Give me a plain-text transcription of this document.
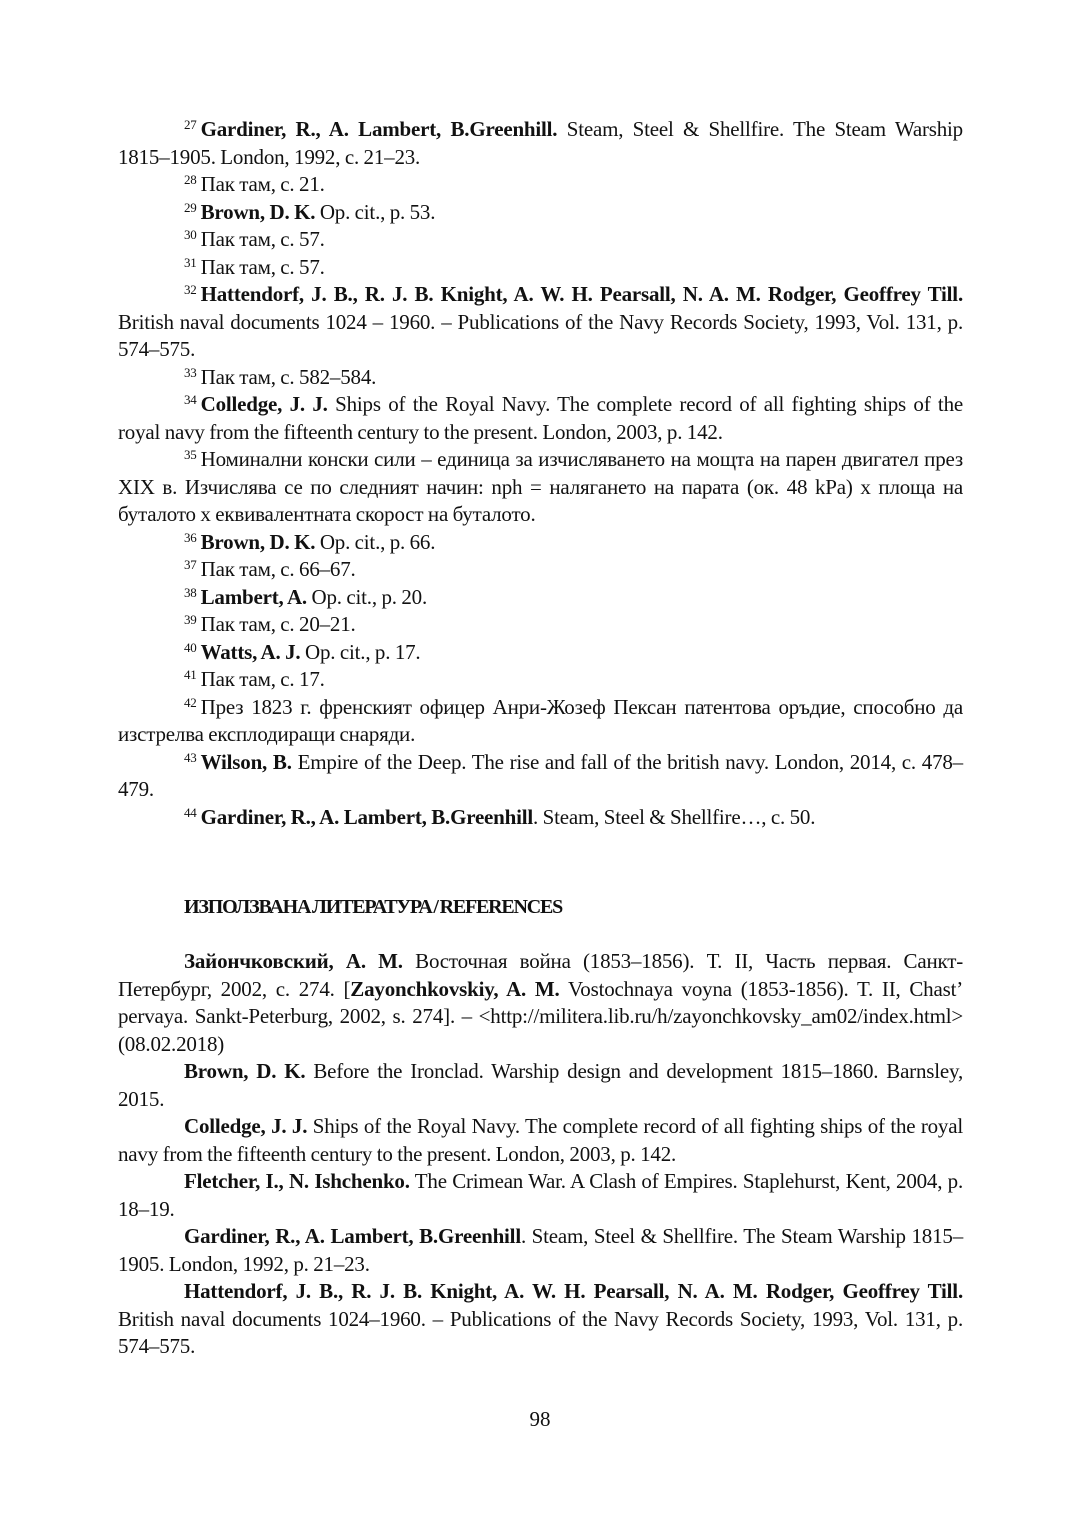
$^{27}$ Gardiner, R., A. Lambert, B.Greenhill. Steam, Steel & Shellfire. The Steam Warship 1815–1905. London, 1992, с. 21–23.

$^{28}$ Пак там, с. 21.

$^{29}$ Brown, D. K. Op. cit., p. 53.

$^{30}$ Пак там, с. 57.

$^{31}$ Пак там, с. 57.

$^{32}$ Hattendorf, J. B., R. J. B. Knight, A. W. H. Pearsall, N. A. M. Rodger, Geoffrey Till. British naval documents 1024 – 1960. – Publications of the Navy Records Society, 1993, Vol. 131, p. 574–575.

$^{33}$ Пак там, с. 582–584.

$^{34}$ Colledge, J. J. Ships of the Royal Navy. The complete record of all fighting ships of the royal navy from the fifteenth century to the present. London, 2003, p. 142.

$^{35}$ Номинални конски сили – единица за изчисляването на мощта на парен двигател през XIX в. Изчислява се по следният начин: nph = налягането на парата (ок. 48 kPa) x площа на буталото x еквивалентната скорост на буталото.

$^{36}$ Brown, D. K. Op. cit., p. 66.

$^{37}$ Пак там, с. 66–67.

$^{38}$ Lambert, A. Op. cit., p. 20.

$^{39}$ Пак там, с. 20–21.

$^{40}$ Watts, A. J. Op. cit., p. 17.

$^{41}$ Пак там, с. 17.

$^{42}$ През 1823 г. френският офицер Анри-Жозеф Пексан патентова оръдие, способно да изстрелва експлодиращи снаряди.

$^{43}$ Wilson, B. Empire of the Deep. The rise and fall of the british navy. London, 2014, с. 478–479.

$^{44}$ Gardiner, R., A. Lambert, B.Greenhill. Steam, Steel & Shellfire…, с. 50.

ИЗПОЛЗВАНА ЛИТЕРАТУРА / REFERENCES

Зайончковский, А. М. Восточная война (1853–1856). Т. II, Часть первая. Санкт-Петербург, 2002, с. 274. [Zayonchkovskiy, A. M. Vostochnaya voyna (1853-1856). T. II, Chast’ pervaya. Sankt-Peterburg, 2002, s. 274]. – <http://militera.lib.ru/h/zayonchkovsky_am02/index.html> (08.02.2018)

Brown, D. K. Before the Ironclad. Warship design and development 1815–1860. Barnsley, 2015.

Colledge, J. J. Ships of the Royal Navy. The complete record of all fighting ships of the royal navy from the fifteenth century to the present. London, 2003, p. 142.

Fletcher, I., N. Ishchenko. The Crimean War. A Clash of Empires. Staplehurst, Kent, 2004, p. 18–19.

Gardiner, R., A. Lambert, B.Greenhill. Steam, Steel & Shellfire. The Steam Warship 1815–1905. London, 1992, p. 21–23.

Hattendorf, J. B., R. J. B. Knight, A. W. H. Pearsall, N. A. M. Rodger, Geoffrey Till. British naval documents 1024–1960. – Publications of the Navy Records Society, 1993, Vol. 131, p. 574–575.

98
